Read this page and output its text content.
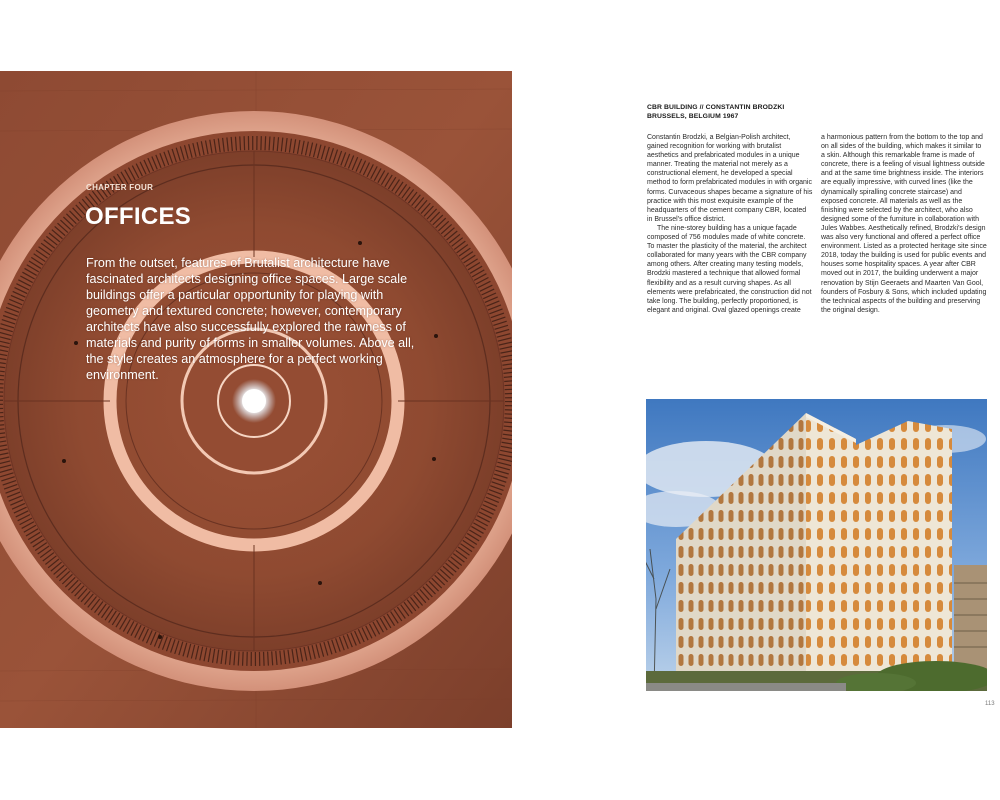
CHAPTER FOUR
OFFICES

From the outset, features of Brutalist architecture have fascinated architects designing office spaces. Large scale buildings offer a particular opportunity for playing with geometry and textured concrete; however, contemporary architects have also successfully explored the rawness of materials and purity of forms in smaller volumes. Above all, the style creates an atmosphere for a perfect working environment.

CBR BUILDING // CONSTANTIN BRODZKI
BRUSSELS, BELGIUM 1967

Constantin Brodzki, a Belgian-Polish architect, gained recognition for working with brutalist aesthetics and prefabricated modules in a unique manner. Treating the material not merely as a constructional element, he developed a special method to form prefabricated modules in with organic forms. Curvaceous shapes became a signature of his practice with this most exquisite example of the headquarters of the cement company CBR, located in Brussel's office district.

The nine-storey building has a unique façade composed of 756 modules made of white concrete. To master the plasticity of the material, the architect collaborated for many years with the CBR company among others. After creating many testing models, Brodzki mastered a technique that allowed formal flexibility and as a result curving shapes. As all elements were prefabricated, the construction did not take long. The building, perfectly proportioned, is elegant and original. Oval glazed openings create

a harmonious pattern from the bottom to the top and on all sides of the building, which makes it similar to a skin. Although this remarkable frame is made of concrete, there is a feeling of visual lightness outside and at the same time brightness inside. The interiors are equally impressive, with curved lines (like the dynamically spiralling concrete staircase) and exposed concrete. All materials as well as the finishing were selected by the architect, who also designed some of the furniture in collaboration with Jules Wabbes. Aesthetically refined, Brodzki's design was also very functional and offered a perfect office environment. Listed as a protected heritage site since 2018, today the building is used for public events and houses some hospitality spaces. A year after CBR moved out in 2017, the building underwent a major renovation by Stijn Geeraets and Maarten Van Gool, founders of Fosbury & Sons, which included updating the technical aspects of the building and preserving the original design.

113
